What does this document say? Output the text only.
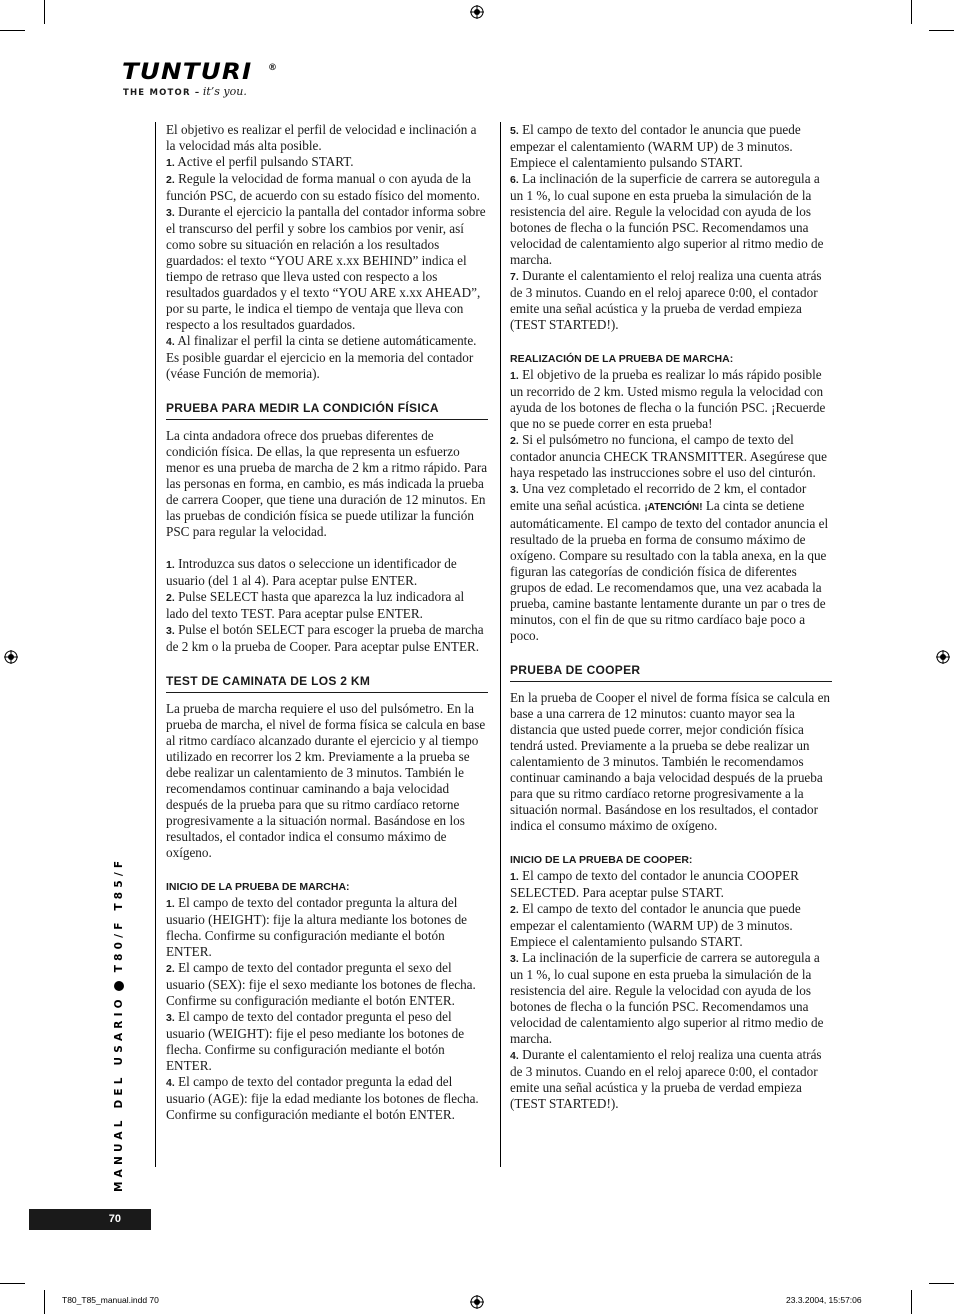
TUNTURI ®
THE MOTOR – it’s you.

El objetivo es realizar el perfil de velocidad e inclinación a la velocidad más alta posible.

1. Active el perfil pulsando START.

2. Regule la velocidad de forma manual o con ayuda de la función PSC, de acuerdo con su estado físico del momento.

3. Durante el ejercicio la pantalla del contador informa sobre el transcurso del perfil y sobre los cambios por venir, así como sobre su situación en relación a los resultados guardados: el texto “YOU ARE x.xx BEHIND” indica el tiempo de retraso que lleva usted con respecto a los resultados guardados y el texto “YOU ARE x.xx AHEAD”, por su parte, le indica el tiempo de ventaja que lleva con respecto a los resultados guardados.

4. Al finalizar el perfil la cinta se detiene automáticamente. Es posible guardar el ejercicio en la memoria del contador (véase Función de memoria).

PRUEBA PARA MEDIR LA CONDICIÓN FÍSICA

La cinta andadora ofrece dos pruebas diferentes de condición física. De ellas, la que representa un esfuerzo menor es una prueba de marcha de 2 km a ritmo rápido. Para las personas en forma, en cambio, es más indicada la prueba de carrera Cooper, que tiene una duración de 12 minutos. En las pruebas de condición física se puede utilizar la función PSC para regular la velocidad.

1. Introduzca sus datos o seleccione un identificador de usuario (del 1 al 4). Para aceptar pulse ENTER.

2. Pulse SELECT hasta que aparezca la luz indicadora al lado del texto TEST. Para aceptar pulse ENTER.

3. Pulse el botón SELECT para escoger la prueba de marcha de 2 km o la prueba de Cooper. Para aceptar pulse ENTER.

TEST DE CAMINATA DE LOS 2 KM

La prueba de marcha requiere el uso del pulsómetro. En la prueba de marcha, el nivel de forma física se calcula en base al ritmo cardíaco alcanzado durante el ejercicio y al tiempo utilizado en recorrer los 2 km. Previamente a la prueba se debe realizar un calentamiento de 3 minutos. También le recomendamos continuar caminando a baja velocidad después de la prueba para que su ritmo cardíaco retorne progresivamente a la situación normal. Basándose en los resultados, el contador indica el consumo máximo de oxígeno.

INICIO DE LA PRUEBA DE MARCHA:

1. El campo de texto del contador pregunta la altura del usuario (HEIGHT): fije la altura mediante los botones de flecha. Confirme su configuración mediante el botón ENTER.

2. El campo de texto del contador pregunta el sexo del usuario (SEX): fije el sexo mediante los botones de flecha. Confirme su configuración mediante el botón ENTER.

3. El campo de texto del contador pregunta el peso del usuario (WEIGHT): fije el peso mediante los botones de flecha. Confirme su configuración mediante el botón ENTER.

4. El campo de texto del contador pregunta la edad del usuario (AGE): fije la edad mediante los botones de flecha. Confirme su configuración mediante el botón ENTER.

5. El campo de texto del contador le anuncia que puede empezar el calentamiento (WARM UP) de 3 minutos. Empiece el calentamiento pulsando START.

6. La inclinación de la superficie de carrera se autoregula a un 1 %, lo cual supone en esta prueba la simulación de la resistencia del aire. Regule la velocidad con ayuda de los botones de flecha o la función PSC. Recomendamos una velocidad de calentamiento algo superior al ritmo medio de marcha.

7. Durante el calentamiento el reloj realiza una cuenta atrás de 3 minutos. Cuando en el reloj aparece 0:00, el contador emite una señal acústica y la prueba de verdad empieza (TEST STARTED!).

REALIZACIÓN DE LA PRUEBA DE MARCHA:

1. El objetivo de la prueba es realizar lo más rápido posible un recorrido de 2 km. Usted mismo regula la velocidad con ayuda de los botones de flecha o la función PSC. ¡Recuerde que no se puede correr en esta prueba!

2. Si el pulsómetro no funciona, el campo de texto del contador anuncia CHECK TRANSMITTER. Asegúrese que haya respetado las instrucciones sobre el uso del cinturón.

3. Una vez completado el recorrido de 2 km, el contador emite una señal acústica. ¡ATENCIÓN! La cinta se detiene automáticamente. El campo de texto del contador anuncia el resultado de la prueba en forma de consumo máximo de oxígeno. Compare su resultado con la tabla anexa, en la que figuran las categorías de condición física de diferentes grupos de edad. Le recomendamos que, una vez acabada la prueba, camine bastante lentamente durante un par o tres de minutos, con el fin de que su ritmo cardíaco baje poco a poco.

PRUEBA DE COOPER

En la prueba de Cooper el nivel de forma física se calcula en base a una carrera de 12 minutos: cuanto mayor sea la distancia que usted puede correr, mejor condición física tendrá usted. Previamente a la prueba se debe realizar un calentamiento de 3 minutos. También le recomendamos continuar caminando a baja velocidad después de la prueba para que su ritmo cardíaco retorne progresivamente a la situación normal. Basándose en los resultados, el contador indica el consumo máximo de oxígeno.

INICIO DE LA PRUEBA DE COOPER:

1. El campo de texto del contador le anuncia COOPER SELECTED. Para aceptar pulse START.

2. El campo de texto del contador le anuncia que puede empezar el calentamiento (WARM UP) de 3 minutos. Empiece el calentamiento pulsando START.

3. La inclinación de la superficie de carrera se autoregula a un 1 %, lo cual supone en esta prueba la simulación de la resistencia del aire. Regule la velocidad con ayuda de los botones de flecha o la función PSC. Recomendamos una velocidad de calentamiento algo superior al ritmo medio de marcha.

4. Durante el calentamiento el reloj realiza una cuenta atrás de 3 minutos. Cuando en el reloj aparece 0:00, el contador emite una señal acústica y la prueba de verdad empieza (TEST STARTED!).

MANUAL DEL USARIO
T80/F T85/F
70
T80_T85_manual.indd 70	23.3.2004, 15:57:06
